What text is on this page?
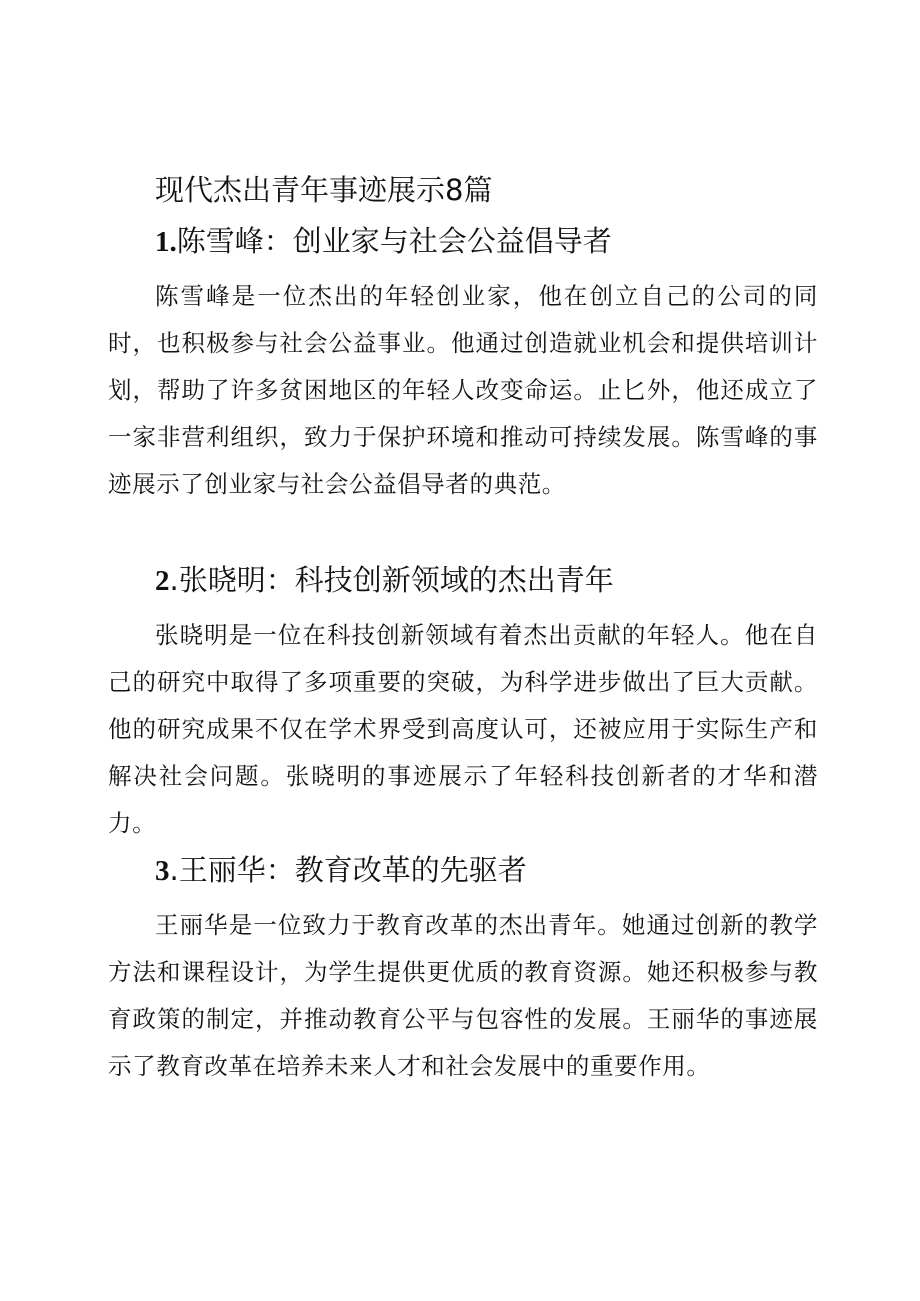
现代杰出青年事迹展示8篇
1.陈雪峰：创业家与社会公益倡导者

陈雪峰是一位杰出的年轻创业家，他在创立自己的公司的同时，也积极参与社会公益事业。他通过创造就业机会和提供培训计划，帮助了许多贫困地区的年轻人改变命运。止匕外，他还成立了一家非营利组织，致力于保护环境和推动可持续发展。陈雪峰的事迹展示了创业家与社会公益倡导者的典范。

2.张晓明：科技创新领域的杰出青年

张晓明是一位在科技创新领域有着杰出贡献的年轻人。他在自己的研究中取得了多项重要的突破，为科学进步做出了巨大贡献。他的研究成果不仅在学术界受到高度认可，还被应用于实际生产和解决社会问题。张晓明的事迹展示了年轻科技创新者的才华和潜力。

3.王丽华：教育改革的先驱者

王丽华是一位致力于教育改革的杰出青年。她通过创新的教学方法和课程设计，为学生提供更优质的教育资源。她还积极参与教育政策的制定，并推动教育公平与包容性的发展。王丽华的事迹展示了教育改革在培养未来人才和社会发展中的重要作用。
